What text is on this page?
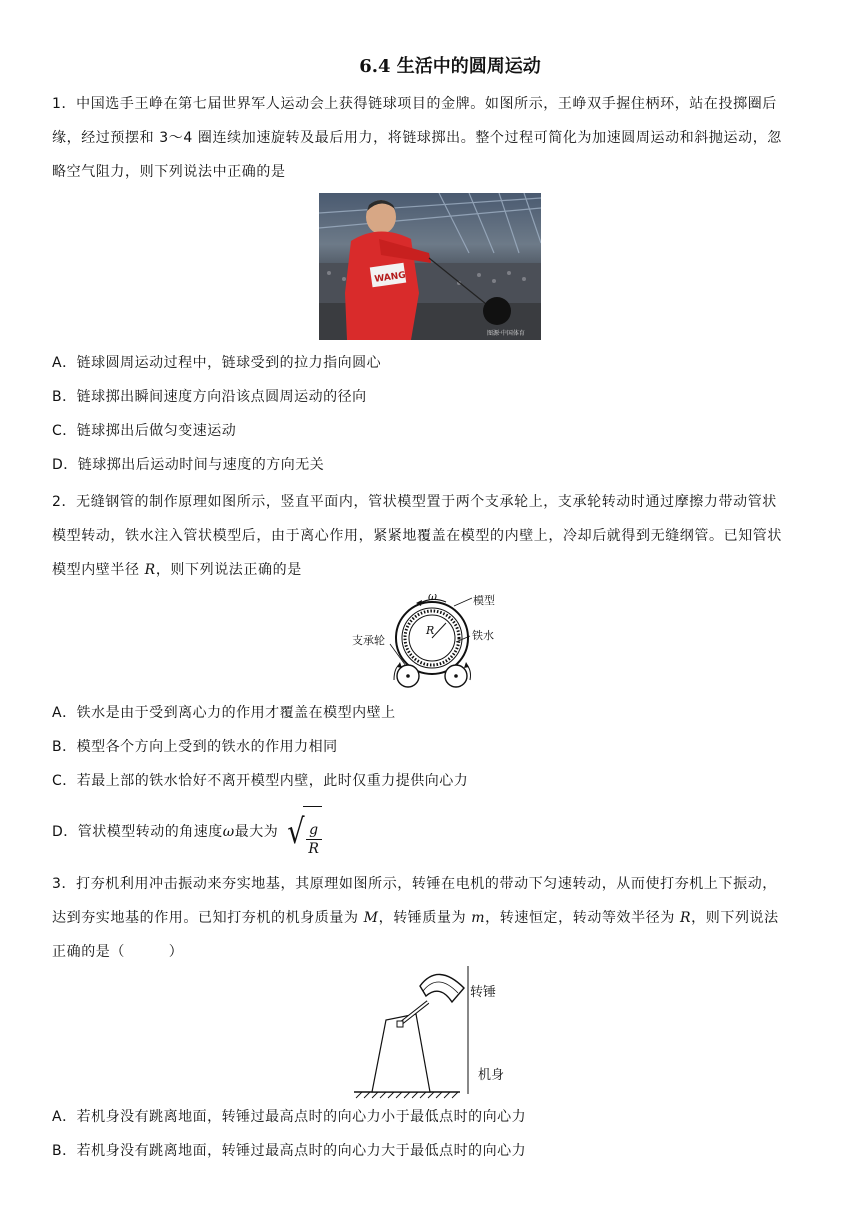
6.4 生活中的圆周运动
1．中国选手王峥在第七届世界军人运动会上获得链球项目的金牌。如图所示，王峥双手握住柄环，站在投掷圈后
缘，经过预摆和 3～4 圈连续加速旋转及最后用力，将链球掷出。整个过程可简化为加速圆周运动和斜抛运动，忽
略空气阻力，则下列说法中正确的是
WANG
图源·中国体育
A．链球圆周运动过程中，链球受到的拉力指向圆心
B．链球掷出瞬间速度方向沿该点圆周运动的径向
C．链球掷出后做匀变速运动
D．链球掷出后运动时间与速度的方向无关
2．无缝钢管的制作原理如图所示，竖直平面内，管状模型置于两个支承轮上，支承轮转动时通过摩擦力带动管状
模型转动，铁水注入管状模型后，由于离心作用，紧紧地覆盖在模型的内壁上，冷却后就得到无缝纲管。已知管状
模型内壁半径 R，则下列说法正确的是
ω
R
模型
铁水
支承轮
A．铁水是由于受到离心力的作用才覆盖在模型内壁上
B．模型各个方向上受到的铁水的作用力相同
C．若最上部的铁水恰好不离开模型内壁，此时仅重力提供向心力
D．管状模型转动的角速度ω最大为 √ $\frac{g}{R}$
3．打夯机利用冲击振动来夯实地基，其原理如图所示，转锤在电机的带动下匀速转动，从而使打夯机上下振动，
达到夯实地基的作用。已知打夯机的机身质量为 M，转锤质量为 m，转速恒定，转动等效半径为 R，则下列说法
正确的是（　　　）
转锤
机身
A．若机身没有跳离地面，转锤过最高点时的向心力小于最低点时的向心力
B．若机身没有跳离地面，转锤过最高点时的向心力大于最低点时的向心力
